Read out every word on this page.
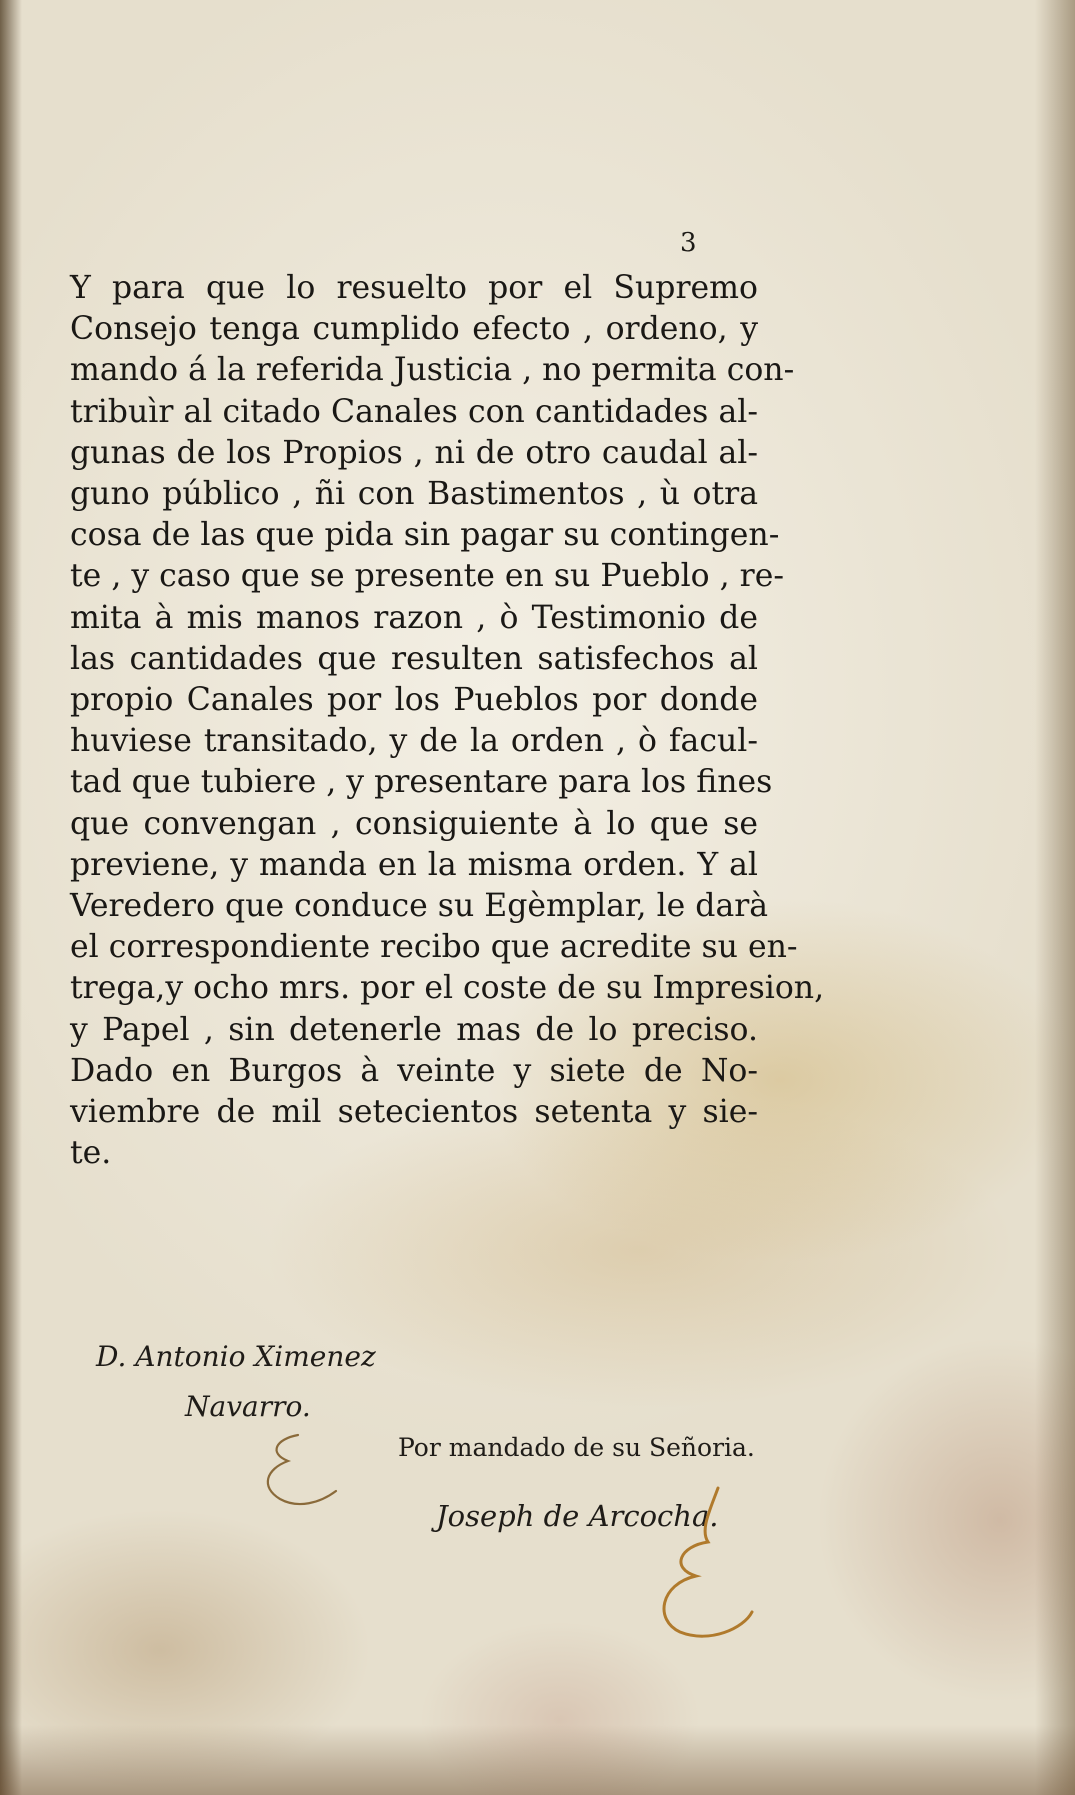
3
Y para que lo resuelto por el Supremo
Consejo tenga cumplido efecto , ordeno, y
mando á la referida Justicia , no permita con-
tribuìr al citado Canales con cantidades al-
gunas de los Propios , ni de otro caudal al-
guno público , ñi con Bastimentos , ù otra
cosa de las que pida sin pagar su contingen-
te , y caso que se presente en su Pueblo , re-
mita à mis manos razon , ò Testimonio de
las cantidades que resulten satisfechos al
propio Canales por los Pueblos por donde
huviese transitado, y de la orden , ò facul-
tad que tubiere , y presentare para los fines
que convengan , consiguiente à lo que se
previene, y manda en la misma orden. Y al
Veredero que conduce su Egèmplar, le darà
el correspondiente recibo que acredite su en-
trega,y ocho mrs. por el coste de su Impresion,
y Papel , sin detenerle mas de lo preciso.
Dado en Burgos à veinte y siete de No-
viembre de mil setecientos setenta y sie-
te.
D. Antonio Ximenez
Navarro.
Por mandado de su Señoria.
Joseph de Arcocha.
